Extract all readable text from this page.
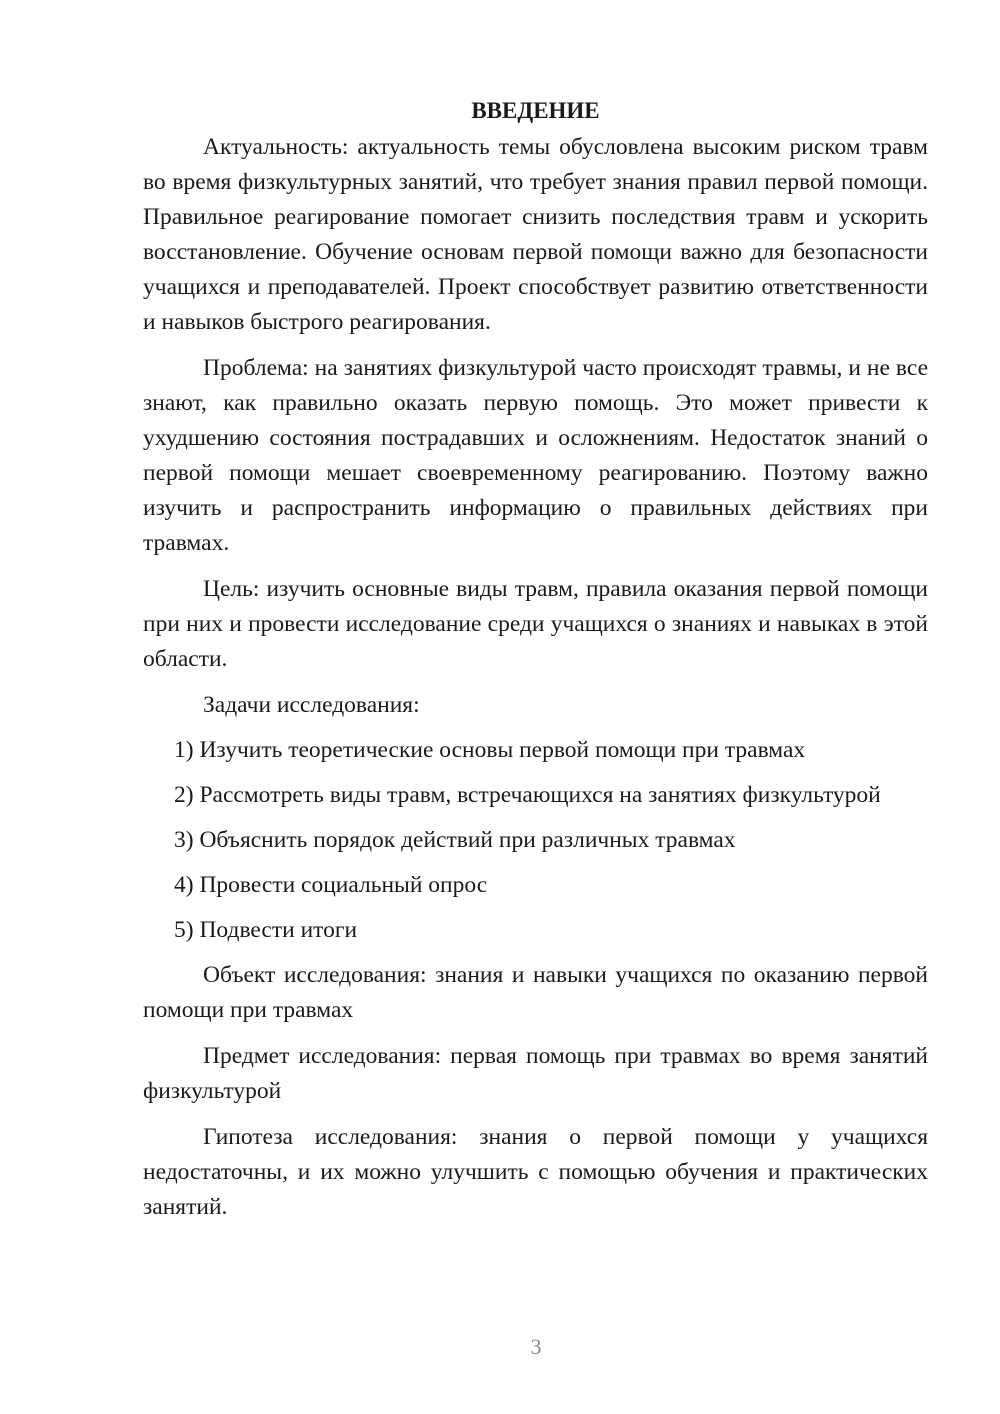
ВВЕДЕНИЕ

Актуальность: актуальность темы обусловлена высоким риском травм во время физкультурных занятий, что требует знания правил первой помощи. Правильное реагирование помогает снизить последствия травм и ускорить восстановление. Обучение основам первой помощи важно для безопасности учащихся и преподавателей. Проект способствует развитию ответственности и навыков быстрого реагирования.

Проблема: на занятиях физкультурой часто происходят травмы, и не все знают, как правильно оказать первую помощь. Это может привести к ухудшению состояния пострадавших и осложнениям. Недостаток знаний о первой помощи мешает своевременному реагированию. Поэтому важно изучить и распространить информацию о правильных действиях при травмах.

Цель: изучить основные виды травм, правила оказания первой помощи при них и провести исследование среди учащихся о знаниях и навыках в этой области.

Задачи исследования:

1) Изучить теоретические основы первой помощи при травмах
2) Рассмотреть виды травм, встречающихся на занятиях физкультурой
3) Объяснить порядок действий при различных травмах
4) Провести социальный опрос
5) Подвести итоги

Объект исследования: знания и навыки учащихся по оказанию первой помощи при травмах

Предмет исследования: первая помощь при травмах во время занятий физкультурой

Гипотеза исследования: знания о первой помощи у учащихся недостаточны, и их можно улучшить с помощью обучения и практических занятий.

3
